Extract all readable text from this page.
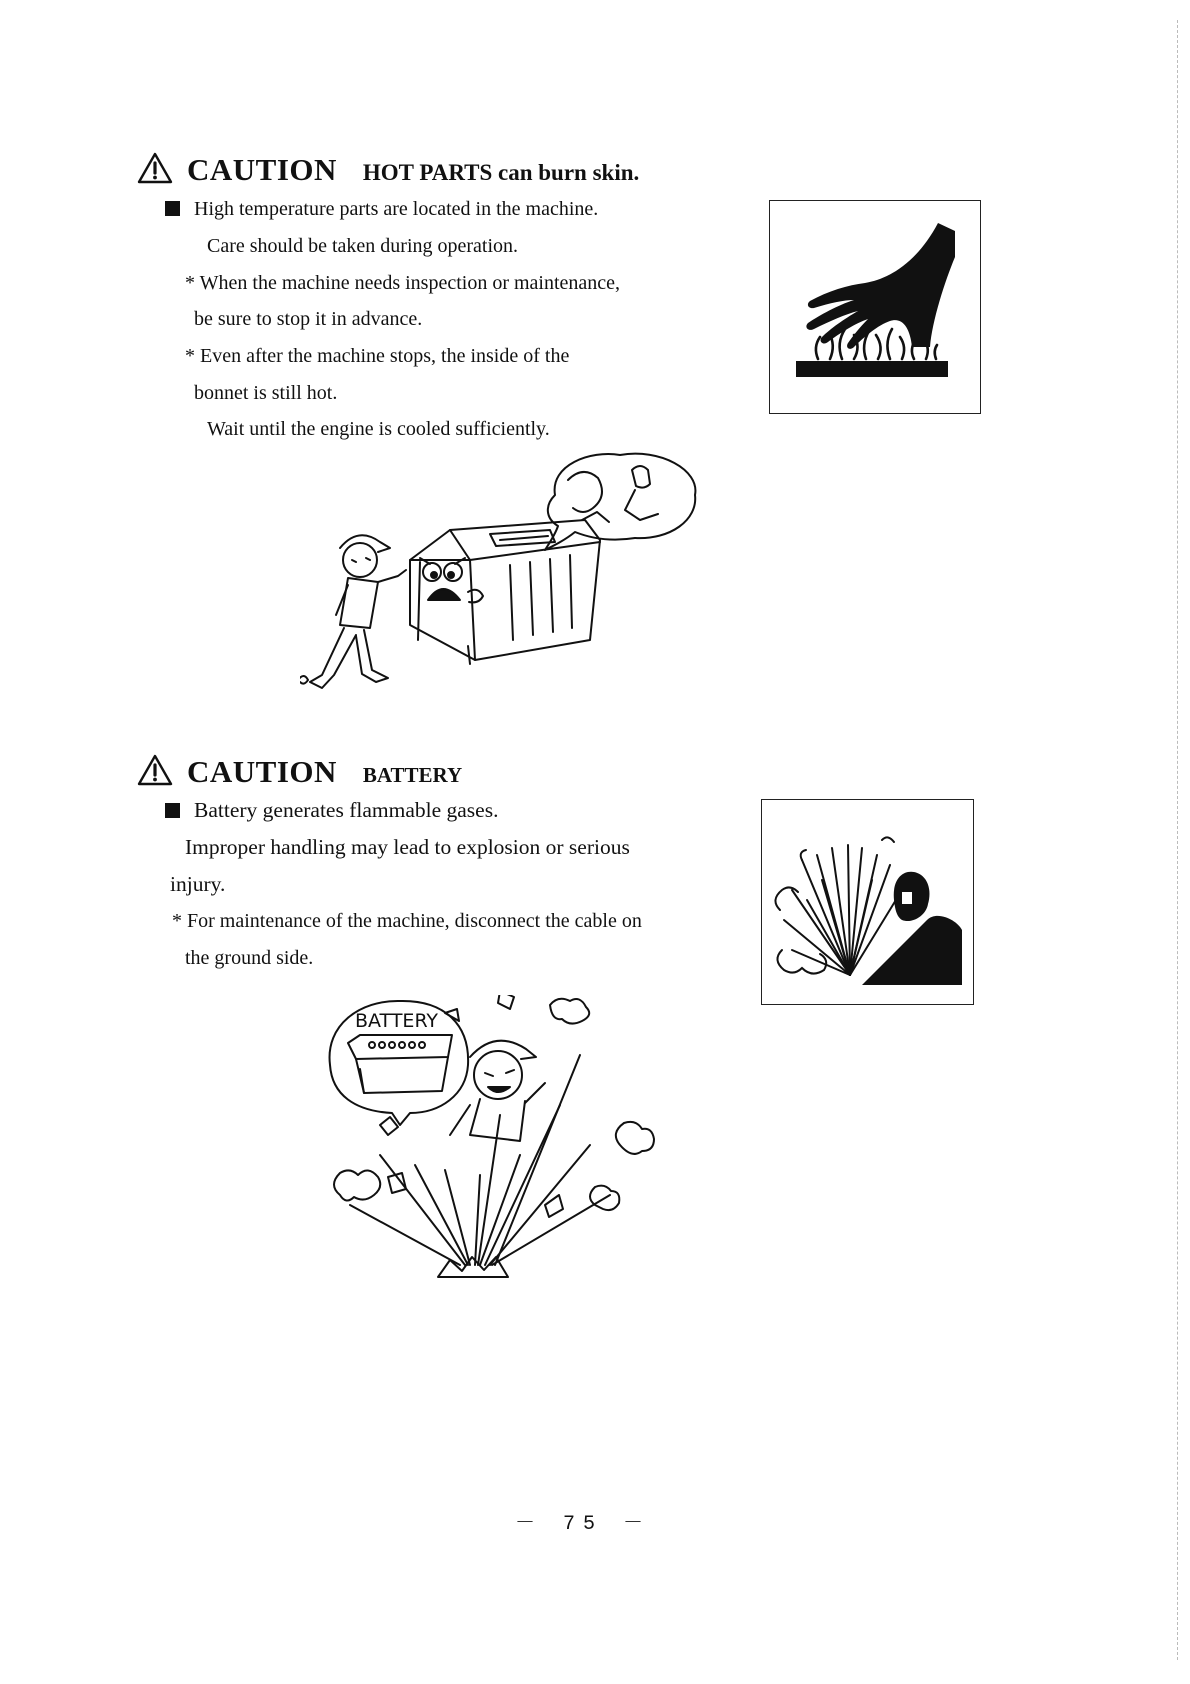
CAUTION HOT PARTS can burn skin.
High temperature parts are located in the machine.
Care should be taken during operation.
* When the machine needs inspection or maintenance,
be sure to stop it in advance.
* Even after the machine stops, the inside of the
bonnet is still hot.
Wait until the engine is cooled sufficiently.
CAUTION BATTERY
Battery generates flammable gases.
Improper handling may lead to explosion or serious
injury.
* For maintenance of the machine, disconnect the cable on
the ground side.
BATTERY
－ 75 －
